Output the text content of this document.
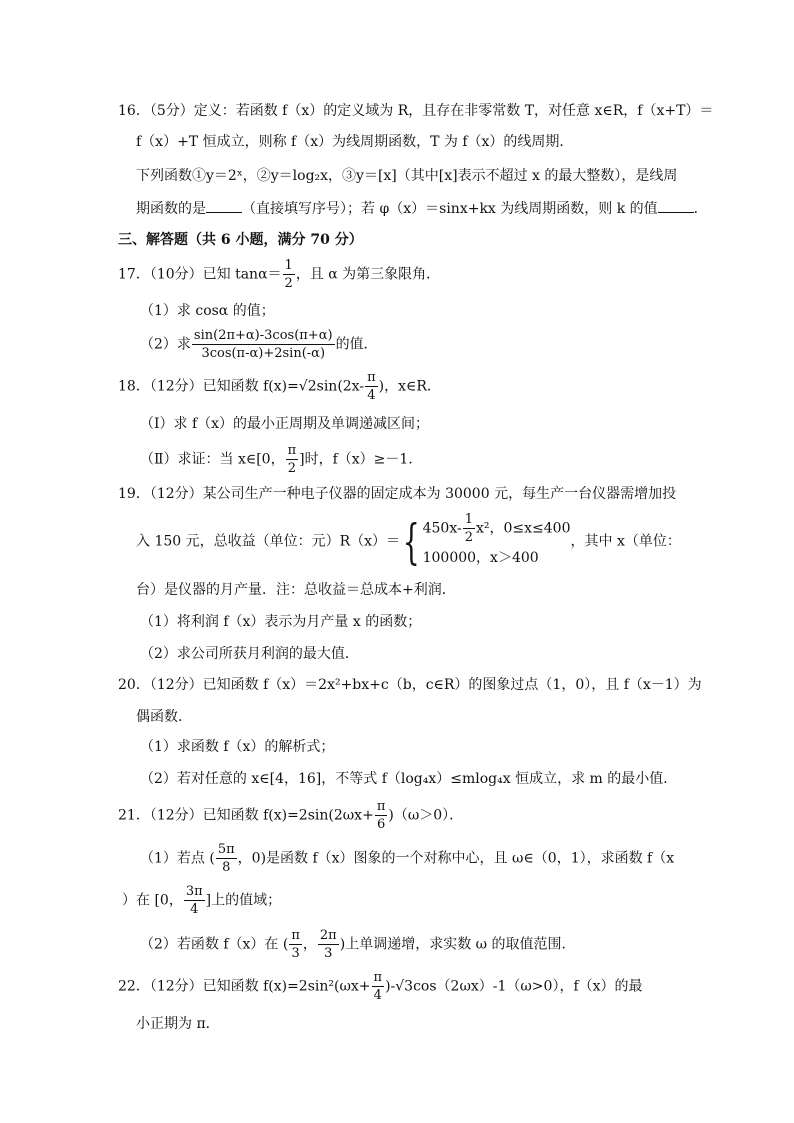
16．（5分）定义：若函数 f（x）的定义域为 R，且存在非零常数 T，对任意 x∈R，f（x+T）＝
f（x）+T 恒成立，则称 f（x）为线周期函数，T 为 f（x）的线周期．
下列函数①y＝2ˣ，②y＝log₂x，③y＝[x]（其中[x]表示不超过 x 的最大整数），是线周
期函数的是	（直接填写序号）；若 φ（x）＝sinx+kx 为线周期函数，则 k 的值	．
三、解答题（共 6 小题，满分 70 分）
17．（10分）已知 $\tan\alpha= \frac{1}{2}$ ，且 α 为第三象限角．
（1）求 cosα 的值；
（2）求 $\frac{\sin(2\pi+\alpha)-3\cos(\pi+\alpha)}{3\cos(\pi-\alpha)+2\sin(-\alpha)}$ 的值．
18．（12分）已知函数 $f(x)=√2\sin(2x- \frac{\pi}{4}$ )，x∈R．
（Ⅰ）求 f（x）的最小正周期及单调递减区间；
（Ⅱ）求证：当 x∈[0， $\frac{\pi}{2}$ ]时，f（x）≥－1．
19．（12分）某公司生产一种电子仪器的固定成本为 30000 元，每生产一台仪器需增加投
入 150 元，总收益（单位：元）R（x）＝{ $450x- \frac{1}{2} x^2$，0≤x≤400
100000，x＞400
，其中 x（单位：
台）是仪器的月产量．注：总收益＝总成本+利润．
（1）将利润 f（x）表示为月产量 x 的函数；
（2）求公司所获月利润的最大值．
20．（12分）已知函数 f（x）＝2x²+bx+c（b，c∈R）的图象过点（1，0），且 f（x－1）为
偶函数．
（1）求函数 f（x）的解析式；
（2）若对任意的 x∈[4，16]，不等式 f（log₄x）≤mlog₄x 恒成立，求 m 的最小值．
21．（12分）已知函数 $f(x)=2\sin(2\omega x+ \frac{\pi}{6} )(\omega>0)$．
（1）若点 ( $\frac{5\pi}{8}$ ，0)是函数 f（x）图象的一个对称中心，且 ω∈（0，1），求函数 f（x
）在 [0， $\frac{3\pi}{4}$ ]上的值域；
（2）若函数 f（x）在 ( $\frac{\pi}{3}$ ， $\frac{2\pi}{3}$ )上单调递增，求实数 ω 的取值范围．
22．（12分）已知函数 $f(x)=2\sin^2(\omega x+ \frac{\pi}{4} )-√3\cos(2\omega x)-1(\omega>0)$，f（x）的最
小正期为 π．
